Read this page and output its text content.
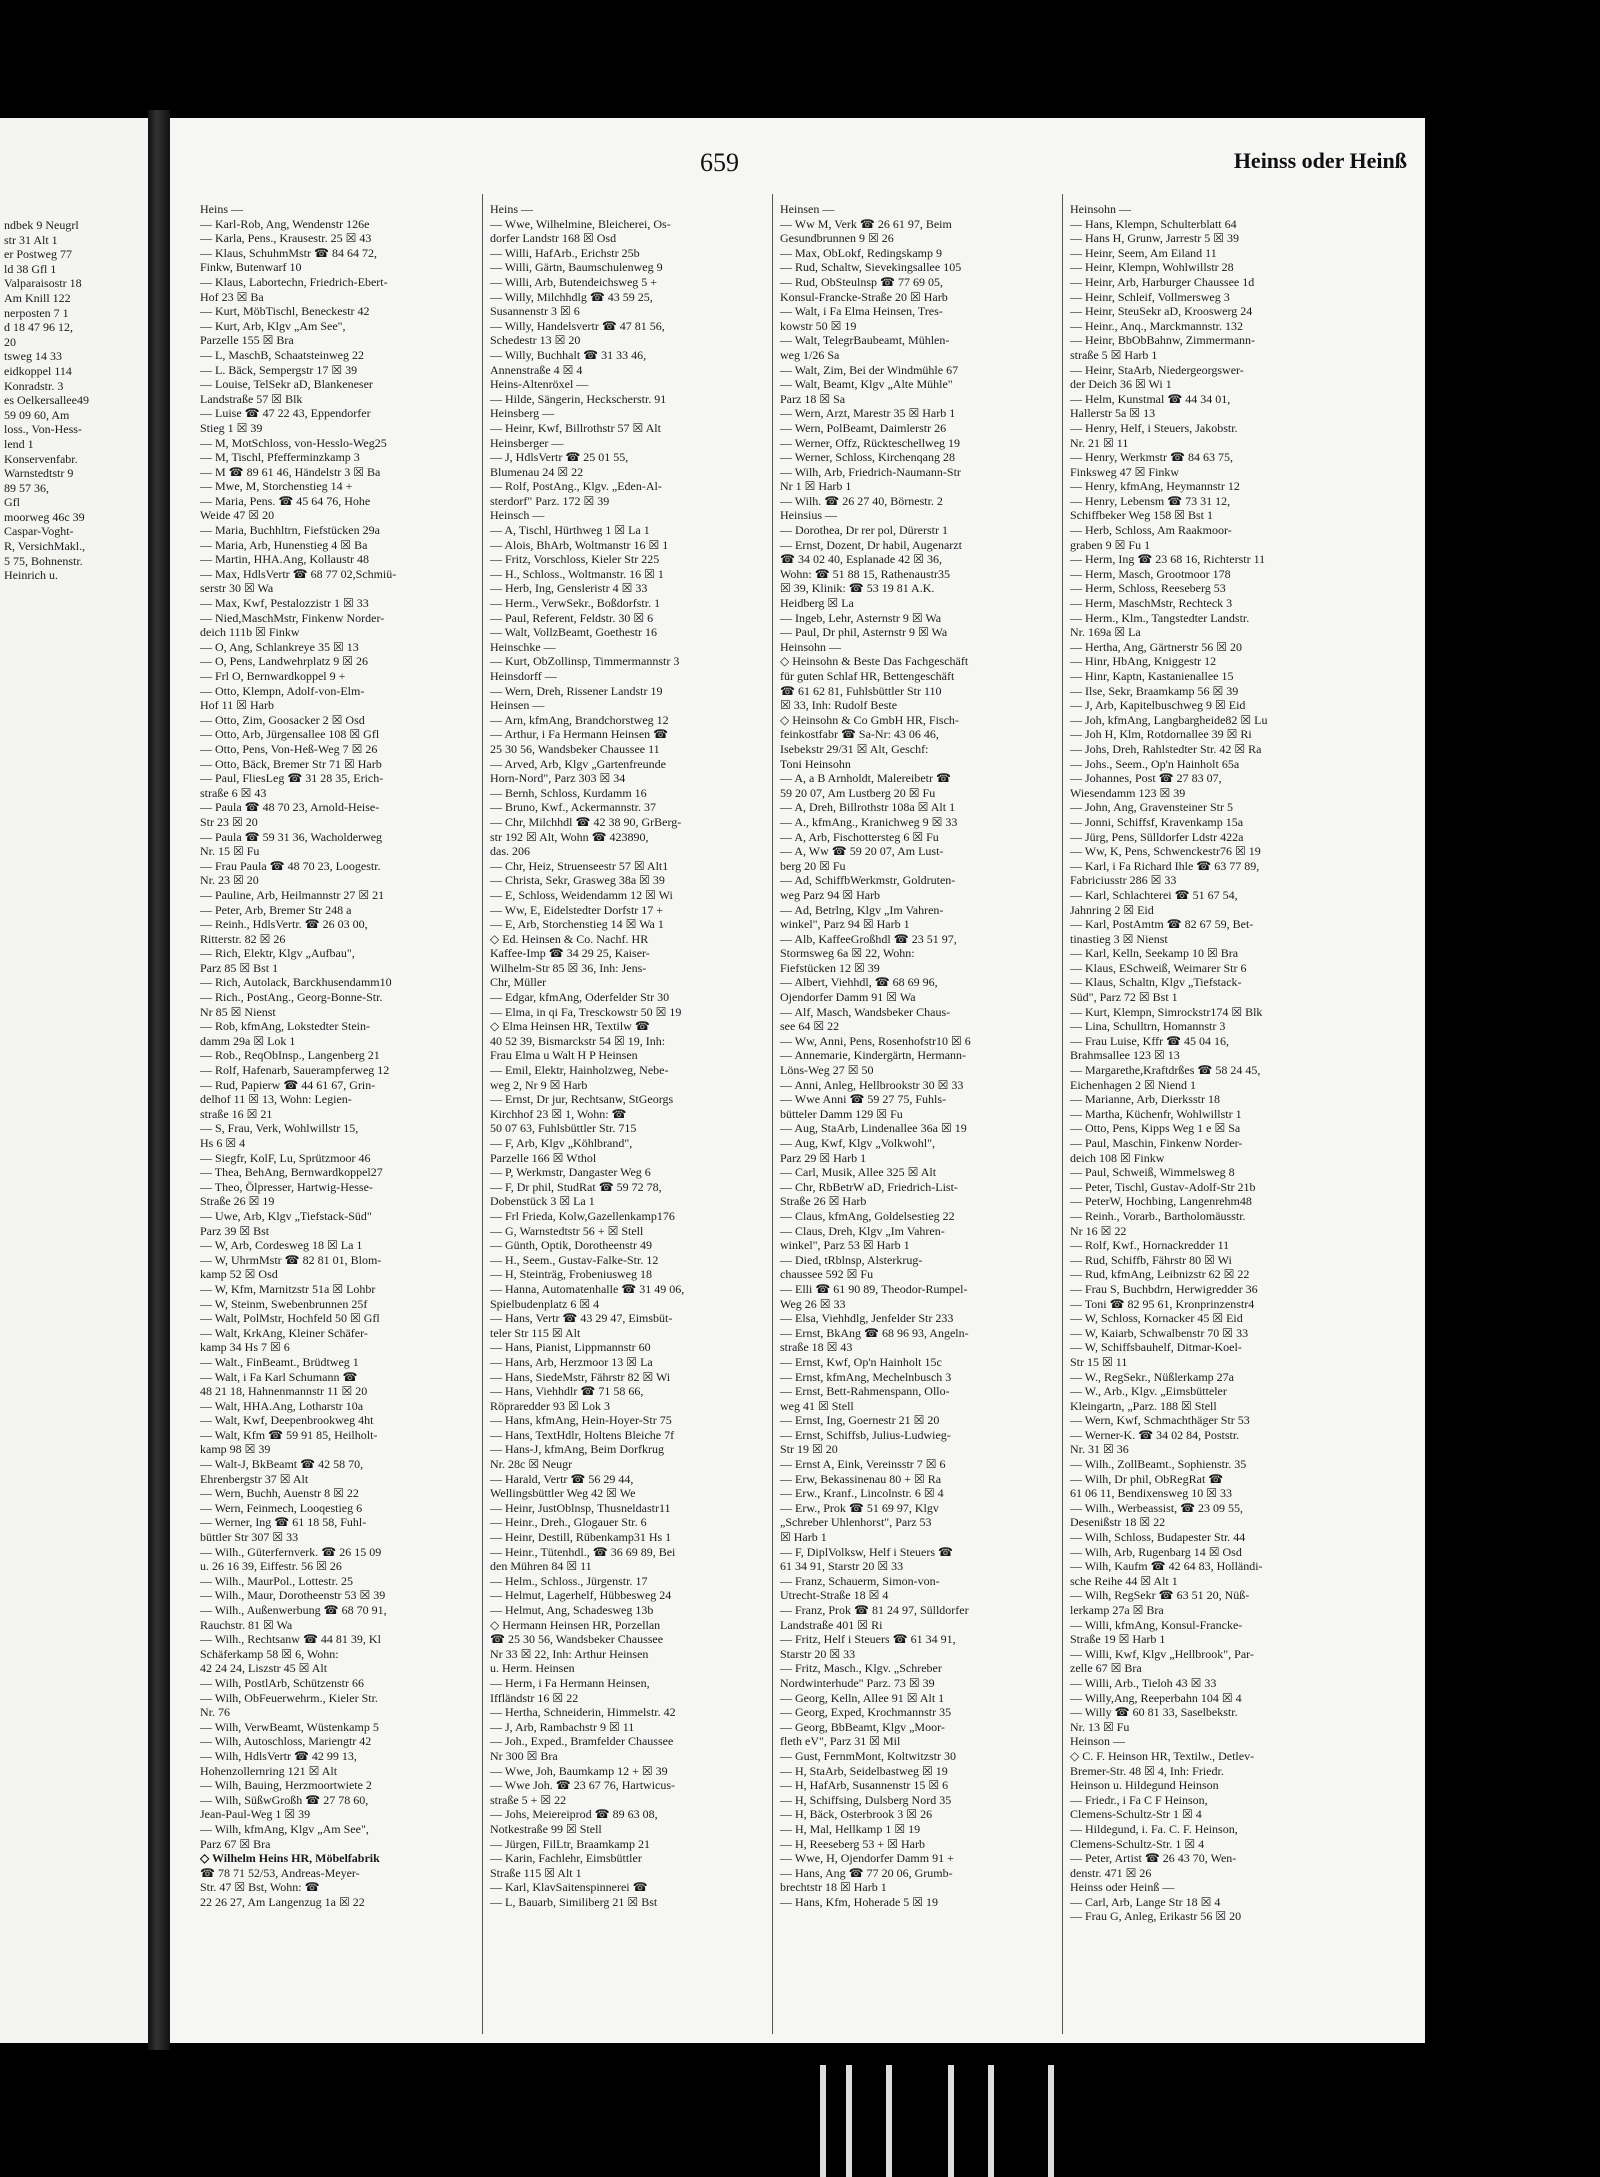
ndbek 9 Neugrl
str 31 Alt 1
er Postweg 77
ld 38 Gfl 1
Valparaisostr 18
Am Knill 122
nerposten 7 1
d 18 47 96 12,
20
tsweg 14 33
eidkoppel 114
Konradstr. 3
es Oelkersallee49
59 09 60, Am
loss., Von-Hess-
lend 1
Konservenfabr.
Warnstedtstr 9
89 57 36,
Gfl
moorweg 46c 39
Caspar-Voght-
R, VersichMakl.,
5 75, Bohnenstr.
Heinrich u.
659	Heinss oder Heinß
Heins —
— Karl-Rob, Ang, Wendenstr 126e
— Karla, Pens., Krausestr. 25 ☒ 43
— Klaus, SchuhmMstr ☎ 84 64 72,
Finkw, Butenwarf 10
— Klaus, Labortechn, Friedrich-Ebert-
Hof 23 ☒ Ba
— Kurt, MöbTischl, Beneckestr 42
— Kurt, Arb, Klgv „Am See",
Parzelle 155 ☒ Bra
— L, MaschB, Schaatsteinweg 22
— L. Bäck, Sempergstr 17 ☒ 39
— Louise, TelSekr aD, Blankeneser
Landstraße 57 ☒ Blk
— Luise ☎ 47 22 43, Eppendorfer
Stieg 1 ☒ 39
— M, MotSchloss, von-Hesslo-Weg25
— M, Tischl, Pfefferminzkamp 3
— M ☎ 89 61 46, Händelstr 3 ☒ Ba
— Mwe, M, Storchenstieg 14 +
— Maria, Pens. ☎ 45 64 76, Hohe
Weide 47 ☒ 20
— Maria, Buchhltrn, Fiefstücken 29a
— Maria, Arb, Hunenstieg 4 ☒ Ba
— Martin, HHA.Ang, Kollaustr 48
— Max, HdlsVertr ☎ 68 77 02,Schmiü-
serstr 30 ☒ Wa
— Max, Kwf, Pestalozzistr 1 ☒ 33
— Nied,MaschMstr, Finkenw Norder-
deich 111b ☒ Finkw
— O, Ang, Schlankreye 35 ☒ 13
— O, Pens, Landwehrplatz 9 ☒ 26
— Frl O, Bernwardkoppel 9 +
— Otto, Klempn, Adolf-von-Elm-
Hof 11 ☒ Harb
— Otto, Zim, Goosacker 2 ☒ Osd
— Otto, Arb, Jürgensallee 108 ☒ Gfl
— Otto, Pens, Von-Heß-Weg 7 ☒ 26
— Otto, Bäck, Bremer Str 71 ☒ Harb
— Paul, FliesLeg ☎ 31 28 35, Erich-
straße 6 ☒ 43
— Paula ☎ 48 70 23, Arnold-Heise-
Str 23 ☒ 20
— Paula ☎ 59 31 36, Wacholderweg
Nr. 15 ☒ Fu
— Frau Paula ☎ 48 70 23, Loogestr.
Nr. 23 ☒ 20
— Pauline, Arb, Heilmannstr 27 ☒ 21
— Peter, Arb, Bremer Str 248 a
— Reinh., HdlsVertr. ☎ 26 03 00,
Ritterstr. 82 ☒ 26
— Rich, Elektr, Klgv „Aufbau",
Parz 85 ☒ Bst 1
— Rich, Autolack, Barckhusendamm10
— Rich., PostAng., Georg-Bonne-Str.
Nr 85 ☒ Nienst
— Rob, kfmAng, Lokstedter Stein-
damm 29a ☒ Lok 1
— Rob., ReqObInsp., Langenberg 21
— Rolf, Hafenarb, Sauerampferweg 12
— Rud, Papierw ☎ 44 61 67, Grin-
delhof 11 ☒ 13, Wohn: Legien-
straße 16 ☒ 21
— S, Frau, Verk, Wohlwillstr 15,
Hs 6 ☒ 4
— Siegfr, KolF, Lu, Sprützmoor 46
— Thea, BehAng, Bernwardkoppel27
— Theo, Ölpresser, Hartwig-Hesse-
Straße 26 ☒ 19
— Uwe, Arb, Klgv „Tiefstack-Süd"
Parz 39 ☒ Bst
— W, Arb, Cordesweg 18 ☒ La 1
— W, UhrmMstr ☎ 82 81 01, Blom-
kamp 52 ☒ Osd
— W, Kfm, Marnitzstr 51a ☒ Lohbr
— W, Steinm, Swebenbrunnen 25f
— Walt, PolMstr, Hochfeld 50 ☒ Gfl
— Walt, KrkAng, Kleiner Schäfer-
kamp 34 Hs 7 ☒ 6
— Walt., FinBeamt., Brüdtweg 1
— Walt, i Fa Karl Schumann ☎
48 21 18, Hahnenmannstr 11 ☒ 20
— Walt, HHA.Ang, Lotharstr 10a
— Walt, Kwf, Deepenbrookweg 4ht
— Walt, Kfm ☎ 59 91 85, Heilholt-
kamp 98 ☒ 39
— Walt-J, BkBeamt ☎ 42 58 70,
Ehrenbergstr 37 ☒ Alt
— Wern, Buchh, Auenstr 8 ☒ 22
— Wern, Feinmech, Looqestieg 6
— Werner, Ing ☎ 61 18 58, Fuhl-
büttler Str 307 ☒ 33
— Wilh., Güterfernverk. ☎ 26 15 09
u. 26 16 39, Eiffestr. 56 ☒ 26
— Wilh., MaurPol., Lottestr. 25
— Wilh., Maur, Dorotheenstr 53 ☒ 39
— Wilh., Außenwerbung ☎ 68 70 91,
Rauchstr. 81 ☒ Wa
— Wilh., Rechtsanw ☎ 44 81 39, Kl
Schäferkamp 58 ☒ 6, Wohn:
42 24 24, Liszstr 45 ☒ Alt
— Wilh, PostlArb, Schützenstr 66
— Wilh, ObFeuerwehrm., Kieler Str.
Nr. 76
— Wilh, VerwBeamt, Wüstenkamp 5
— Wilh, Autoschloss, Mariengtr 42
— Wilh, HdlsVertr ☎ 42 99 13,
Hohenzollernring 121 ☒ Alt
— Wilh, Bauing, Herzmoortwiete 2
— Wilh, SüßwGroßh ☎ 27 78 60,
Jean-Paul-Weg 1 ☒ 39
— Wilh, kfmAng, Klgv „Am See",
Parz 67 ☒ Bra
◇ Wilhelm Heins HR, Möbelfabrik
☎ 78 71 52/53, Andreas-Meyer-
Str. 47 ☒ Bst, Wohn: ☎
22 26 27, Am Langenzug 1a ☒ 22
Heins —
— Wwe, Wilhelmine, Bleicherei, Os-
dorfer Landstr 168 ☒ Osd
— Willi, HafArb., Erichstr 25b
— Willi, Gärtn, Baumschulenweg 9
— Willi, Arb, Butendeichsweg 5 +
— Willy, Milchhdlg ☎ 43 59 25,
Susannenstr 3 ☒ 6
— Willy, Handelsvertr ☎ 47 81 56,
Schedestr 13 ☒ 20
— Willy, Buchhalt ☎ 31 33 46,
Annenstraße 4 ☒ 4
Heins-Altenröxel —
— Hilde, Sängerin, Heckscherstr. 91
Heinsberg —
— Heinr, Kwf, Billrothstr 57 ☒ Alt
Heinsberger —
— J, HdlsVertr ☎ 25 01 55,
Blumenau 24 ☒ 22
— Rolf, PostAng., Klgv. „Eden-Al-
sterdorf" Parz. 172 ☒ 39
Heinsch —
— A, Tischl, Hürthweg 1 ☒ La 1
— Alois, BhArb, Woltmanstr 16 ☒ 1
— Fritz, Vorschloss, Kieler Str 225
— H., Schloss., Woltmanstr. 16 ☒ 1
— Herb, Ing, Gensleristr 4 ☒ 33
— Herm., VerwSekr., Boßdorfstr. 1
— Paul, Referent, Feldstr. 30 ☒ 6
— Walt, VollzBeamt, Goethestr 16
Heinschke —
— Kurt, ObZollinsp, Timmermannstr 3
Heinsdorff —
— Wern, Dreh, Rissener Landstr 19
Heinsen —
— Arn, kfmAng, Brandchorstweg 12
— Arthur, i Fa Hermann Heinsen ☎
25 30 56, Wandsbeker Chaussee 11
— Arved, Arb, Klgv „Gartenfreunde
Horn-Nord", Parz 303 ☒ 34
— Bernh, Schloss, Kurdamm 16
— Bruno, Kwf., Ackermannstr. 37
— Chr, Milchhdl ☎ 42 38 90, GrBerg-
str 192 ☒ Alt, Wohn ☎ 423890,
das. 206
— Chr, Heiz, Struenseestr 57 ☒ Alt1
— Christa, Sekr, Grasweg 38a ☒ 39
— E, Schloss, Weidendamm 12 ☒ Wi
— Ww, E, Eidelstedter Dorfstr 17 +
— E, Arb, Storchenstieg 14 ☒ Wa 1
◇ Ed. Heinsen & Co. Nachf. HR
Kaffee-Imp ☎ 34 29 25, Kaiser-
Wilhelm-Str 85 ☒ 36, Inh: Jens-
Chr, Müller
— Edgar, kfmAng, Oderfelder Str 30
— Elma, in qi Fa, Tresckowstr 50 ☒ 19
◇ Elma Heinsen HR, Textilw ☎
40 52 39, Bismarckstr 54 ☒ 19, Inh:
Frau Elma u Walt H P Heinsen
— Emil, Elektr, Hainholzweg, Nebe-
weg 2, Nr 9 ☒ Harb
— Ernst, Dr jur, Rechtsanw, StGeorgs
Kirchhof 23 ☒ 1, Wohn: ☎
50 07 63, Fuhlsbüttler Str. 715
— F, Arb, Klgv „Köhlbrand",
Parzelle 166 ☒ Wthol
— P, Werkmstr, Dangaster Weg 6
— F, Dr phil, StudRat ☎ 59 72 78,
Dobenstück 3 ☒ La 1
— Frl Frieda, Kolw,Gazellenkamp176
— G, Warnstedtstr 56 + ☒ Stell
— Günth, Optik, Dorotheenstr 49
— H., Seem., Gustav-Falke-Str. 12
— H, Steinträg, Frobeniusweg 18
— Hanna, Automatenhalle ☎ 31 49 06,
Spielbudenplatz 6 ☒ 4
— Hans, Vertr ☎ 43 29 47, Eimsbüt-
teler Str 115 ☒ Alt
— Hans, Pianist, Lippmannstr 60
— Hans, Arb, Herzmoor 13 ☒ La
— Hans, SiedeMstr, Fährstr 82 ☒ Wi
— Hans, Viehhdlr ☎ 71 58 66,
Röpraredder 93 ☒ Lok 3
— Hans, kfmAng, Hein-Hoyer-Str 75
— Hans, TextHdlr, Holtens Bleiche 7f
— Hans-J, kfmAng, Beim Dorfkrug
Nr. 28c ☒ Neugr
— Harald, Vertr ☎ 56 29 44,
Wellingsbüttler Weg 42 ☒ We
— Heinr, JustOblnsp, Thusneldastr11
— Heinr., Dreh., Glogauer Str. 6
— Heinr, Destill, Rübenkamp31 Hs 1
— Heinr., Tütenhdl., ☎ 36 69 89, Bei
den Mühren 84 ☒ 11
— Helm., Schloss., Jürgenstr. 17
— Helmut, Lagerhelf, Hübbesweg 24
— Helmut, Ang, Schadesweg 13b
◇ Hermann Heinsen HR, Porzellan
☎ 25 30 56, Wandsbeker Chaussee
Nr 33 ☒ 22, Inh: Arthur Heinsen
u. Herm. Heinsen
— Herm, i Fa Hermann Heinsen,
Iffländstr 16 ☒ 22
— Hertha, Schneiderin, Himmelstr. 42
— J, Arb, Rambachstr 9 ☒ 11
— Joh., Exped., Bramfelder Chaussee
Nr 300 ☒ Bra
— Wwe, Joh, Baumkamp 12 + ☒ 39
— Wwe Joh. ☎ 23 67 76, Hartwicus-
straße 5 + ☒ 22
— Johs, Meiereiprod ☎ 89 63 08,
Notkestraße 99 ☒ Stell
— Jürgen, FilLtr, Braamkamp 21
— Karin, Fachlehr, Eimsbüttler
Straße 115 ☒ Alt 1
— Karl, KlavSaitenspinnerei ☎
— L, Bauarb, Similiberg 21 ☒ Bst
Heinsen —
— Ww M, Verk ☎ 26 61 97, Beim
Gesundbrunnen 9 ☒ 26
— Max, ObLokf, Redingskamp 9
— Rud, Schaltw, Sievekingsallee 105
— Rud, ObSteulnsp ☎ 77 69 05,
Konsul-Francke-Straße 20 ☒ Harb
— Walt, i Fa Elma Heinsen, Tres-
kowstr 50 ☒ 19
— Walt, TelegrBaubeamt, Mühlen-
weg 1/26 Sa
— Walt, Zim, Bei der Windmühle 67
— Walt, Beamt, Klgv „Alte Mühle"
Parz 18 ☒ Sa
— Wern, Arzt, Marestr 35 ☒ Harb 1
— Wern, PolBeamt, Daimlerstr 26
— Werner, Offz, Rückteschellweg 19
— Werner, Schloss, Kirchenqang 28
— Wilh, Arb, Friedrich-Naumann-Str
Nr 1 ☒ Harb 1
— Wilh. ☎ 26 27 40, Börnestr. 2
Heinsius —
— Dorothea, Dr rer pol, Dürerstr 1
— Ernst, Dozent, Dr habil, Augenarzt
☎ 34 02 40, Esplanade 42 ☒ 36,
Wohn: ☎ 51 88 15, Rathenaustr35
☒ 39, Klinik: ☎ 53 19 81 A.K.
Heidberg ☒ La
— Ingeb, Lehr, Asternstr 9 ☒ Wa
— Paul, Dr phil, Asternstr 9 ☒ Wa
Heinsohn —
◇ Heinsohn & Beste Das Fachgeschäft
für guten Schlaf HR, Bettengeschäft
☎ 61 62 81, Fuhlsbüttler Str 110
☒ 33, Inh: Rudolf Beste
◇ Heinsohn & Co GmbH HR, Fisch-
feinkostfabr ☎ Sa-Nr: 43 06 46,
Isebekstr 29/31 ☒ Alt, Geschf:
Toni Heinsohn
— A, a B Arnholdt, Malereibetr ☎
59 20 07, Am Lustberg 20 ☒ Fu
— A, Dreh, Billrothstr 108a ☒ Alt 1
— A., kfmAng., Kranichweg 9 ☒ 33
— A, Arb, Fischottersteg 6 ☒ Fu
— A, Ww ☎ 59 20 07, Am Lust-
berg 20 ☒ Fu
— Ad, SchiffbWerkmstr, Goldruten-
weg Parz 94 ☒ Harb
— Ad, Betrlng, Klgv „Im Vahren-
winkel", Parz 94 ☒ Harb 1
— Alb, KaffeeGroßhdl ☎ 23 51 97,
Stormsweg 6a ☒ 22, Wohn:
Fiefstücken 12 ☒ 39
— Albert, Viehhdl, ☎ 68 69 96,
Ojendorfer Damm 91 ☒ Wa
— Alf, Masch, Wandsbeker Chaus-
see 64 ☒ 22
— Ww, Anni, Pens, Rosenhofstr10 ☒ 6
— Annemarie, Kindergärtn, Hermann-
Löns-Weg 27 ☒ 50
— Anni, Anleg, Hellbrookstr 30 ☒ 33
— Wwe Anni ☎ 59 27 75, Fuhls-
bütteler Damm 129 ☒ Fu
— Aug, StaArb, Lindenallee 36a ☒ 19
— Aug, Kwf, Klgv „Volkwohl",
Parz 29 ☒ Harb 1
— Carl, Musik, Allee 325 ☒ Alt
— Chr, RbBetrW aD, Friedrich-List-
Straße 26 ☒ Harb
— Claus, kfmAng, Goldelsestieg 22
— Claus, Dreh, Klgv „Im Vahren-
winkel", Parz 53 ☒ Harb 1
— Died, tRblnsp, Alsterkrug-
chaussee 592 ☒ Fu
— Elli ☎ 61 90 89, Theodor-Rumpel-
Weg 26 ☒ 33
— Elsa, Viehhdlg, Jenfelder Str 233
— Ernst, BkAng ☎ 68 96 93, Angeln-
straße 18 ☒ 43
— Ernst, Kwf, Op'n Hainholt 15c
— Ernst, kfmAng, Mechelnbusch 3
— Ernst, Bett-Rahmenspann, Ollo-
weg 41 ☒ Stell
— Ernst, Ing, Goernestr 21 ☒ 20
— Ernst, Schiffsb, Julius-Ludwieg-
Str 19 ☒ 20
— Ernst A, Eink, Vereinsstr 7 ☒ 6
— Erw, Bekassinenau 80 + ☒ Ra
— Erw., Kranf., Lincolnstr. 6 ☒ 4
— Erw., Prok ☎ 51 69 97, Klgv
„Schreber Uhlenhorst", Parz 53
☒ Harb 1
— F, DiplVolksw, Helf i Steuers ☎
61 34 91, Starstr 20 ☒ 33
— Franz, Schauerm, Simon-von-
Utrecht-Straße 18 ☒ 4
— Franz, Prok ☎ 81 24 97, Sülldorfer
Landstraße 401 ☒ Ri
— Fritz, Helf i Steuers ☎ 61 34 91,
Starstr 20 ☒ 33
— Fritz, Masch., Klgv. „Schreber
Nordwinterhude" Parz. 73 ☒ 39
— Georg, Kelln, Allee 91 ☒ Alt 1
— Georg, Exped, Krochmannstr 35
— Georg, BbBeamt, Klgv „Moor-
fleth eV", Parz 31 ☒ Mil
— Gust, FernmMont, Koltwitzstr 30
— H, StaArb, Seidelbastweg ☒ 19
— H, HafArb, Susannenstr 15 ☒ 6
— H, Schiffsing, Dulsberg Nord 35
— H, Bäck, Osterbrook 3 ☒ 26
— H, Mal, Hellkamp 1 ☒ 19
— H, Reeseberg 53 + ☒ Harb
— Wwe, H, Ojendorfer Damm 91 +
— Hans, Ang ☎ 77 20 06, Grumb-
brechtstr 18 ☒ Harb 1
— Hans, Kfm, Hoherade 5 ☒ 19
Heinsohn —
— Hans, Klempn, Schulterblatt 64
— Hans H, Grunw, Jarrestr 5 ☒ 39
— Heinr, Seem, Am Eiland 11
— Heinr, Klempn, Wohlwillstr 28
— Heinr, Arb, Harburger Chaussee 1d
— Heinr, Schleif, Vollmersweg 3
— Heinr, SteuSekr aD, Krooswerg 24
— Heinr., Anq., Marckmannstr. 132
— Heinr, BbObBahnw, Zimmermann-
straße 5 ☒ Harb 1
— Heinr, StaArb, Niedergeorgswer-
der Deich 36 ☒ Wi 1
— Helm, Kunstmal ☎ 44 34 01,
Hallerstr 5a ☒ 13
— Henry, Helf, i Steuers, Jakobstr.
Nr. 21 ☒ 11
— Henry, Werkmstr ☎ 84 63 75,
Finksweg 47 ☒ Finkw
— Henry, kfmAng, Heymannstr 12
— Henry, Lebensm ☎ 73 31 12,
Schiffbeker Weg 158 ☒ Bst 1
— Herb, Schloss, Am Raakmoor-
graben 9 ☒ Fu 1
— Herm, Ing ☎ 23 68 16, Richterstr 11
— Herm, Masch, Grootmoor 178
— Herm, Schloss, Reeseberg 53
— Herm, MaschMstr, Rechteck 3
— Herm., Klm., Tangstedter Landstr.
Nr. 169a ☒ La
— Hertha, Ang, Gärtnerstr 56 ☒ 20
— Hinr, HbAng, Kniggestr 12
— Hinr, Kaptn, Kastanienallee 15
— Ilse, Sekr, Braamkamp 56 ☒ 39
— J, Arb, Kapitelbuschweg 9 ☒ Eid
— Joh, kfmAng, Langbargheide82 ☒ Lu
— Joh H, Klm, Rotdornallee 39 ☒ Ri
— Johs, Dreh, Rahlstedter Str. 42 ☒ Ra
— Johs., Seem., Op'n Hainholt 65a
— Johannes, Post ☎ 27 83 07,
Wiesendamm 123 ☒ 39
— John, Ang, Gravensteiner Str 5
— Jonni, Schiffsf, Kravenkamp 15a
— Jürg, Pens, Sülldorfer Ldstr 422a
— Ww, K, Pens, Schwenckestr76 ☒ 19
— Karl, i Fa Richard Ihle ☎ 63 77 89,
Fabriciusstr 286 ☒ 33
— Karl, Schlachterei ☎ 51 67 54,
Jahnring 2 ☒ Eid
— Karl, PostAmtm ☎ 82 67 59, Bet-
tinastieg 3 ☒ Nienst
— Karl, Kelln, Seekamp 10 ☒ Bra
— Klaus, ESchweiß, Weimarer Str 6
— Klaus, Schaltn, Klgv „Tiefstack-
Süd", Parz 72 ☒ Bst 1
— Kurt, Klempn, Simrockstr174 ☒ Blk
— Lina, Schulltrn, Homannstr 3
— Frau Luise, Kffr ☎ 45 04 16,
Brahmsallee 123 ☒ 13
— Margarethe,Kraftdrßes ☎ 58 24 45,
Eichenhagen 2 ☒ Niend 1
— Marianne, Arb, Dierksstr 18
— Martha, Küchenfr, Wohlwillstr 1
— Otto, Pens, Kipps Weg 1 e ☒ Sa
— Paul, Maschin, Finkenw Norder-
deich 108 ☒ Finkw
— Paul, Schweiß, Wimmelsweg 8
— Peter, Tischl, Gustav-Adolf-Str 21b
— PeterW, Hochbing, Langenrehm48
— Reinh., Vorarb., Bartholomäusstr.
Nr 16 ☒ 22
— Rolf, Kwf., Hornackredder 11
— Rud, Schiffb, Fährstr 80 ☒ Wi
— Rud, kfmAng, Leibnizstr 62 ☒ 22
— Frau S, Buchbdrn, Herwigredder 36
— Toni ☎ 82 95 61, Kronprinzenstr4
— W, Schloss, Kornacker 45 ☒ Eid
— W, Kaiarb, Schwalbenstr 70 ☒ 33
— W, Schiffsbauhelf, Ditmar-Koel-
Str 15 ☒ 11
— W., RegSekr., Nüßlerkamp 27a
— W., Arb., Klgv. „Eimsbütteler
Kleingartn, „Parz. 188 ☒ Stell
— Wern, Kwf, Schmachthäger Str 53
— Werner-K. ☎ 34 02 84, Poststr.
Nr. 31 ☒ 36
— Wilh., ZollBeamt., Sophienstr. 35
— Wilh, Dr phil, ObRegRat ☎
61 06 11, Bendixensweg 10 ☒ 33
— Wilh., Werbeassist, ☎ 23 09 55,
Desenißstr 18 ☒ 22
— Wilh, Schloss, Budapester Str. 44
— Wilh, Arb, Rugenbarg 14 ☒ Osd
— Wilh, Kaufm ☎ 42 64 83, Holländi-
sche Reihe 44 ☒ Alt 1
— Wilh, RegSekr ☎ 63 51 20, Nüß-
lerkamp 27a ☒ Bra
— Willi, kfmAng, Konsul-Francke-
Straße 19 ☒ Harb 1
— Willi, Kwf, Klgv „Hellbrook", Par-
zelle 67 ☒ Bra
— Willi, Arb., Tieloh 43 ☒ 33
— Willy,Ang, Reeperbahn 104 ☒ 4
— Willy ☎ 60 81 33, Saselbekstr.
Nr. 13 ☒ Fu
Heinson —
◇ C. F. Heinson HR, Textilw., Detlev-
Bremer-Str. 48 ☒ 4, Inh: Friedr.
Heinson u. Hildegund Heinson
— Friedr., i Fa C F Heinson,
Clemens-Schultz-Str 1 ☒ 4
— Hildegund, i. Fa. C. F. Heinson,
Clemens-Schultz-Str. 1 ☒ 4
— Peter, Artist ☎ 26 43 70, Wen-
denstr. 471 ☒ 26
Heinss oder Heinß —
— Carl, Arb, Lange Str 18 ☒ 4
— Frau G, Anleg, Erikastr 56 ☒ 20
